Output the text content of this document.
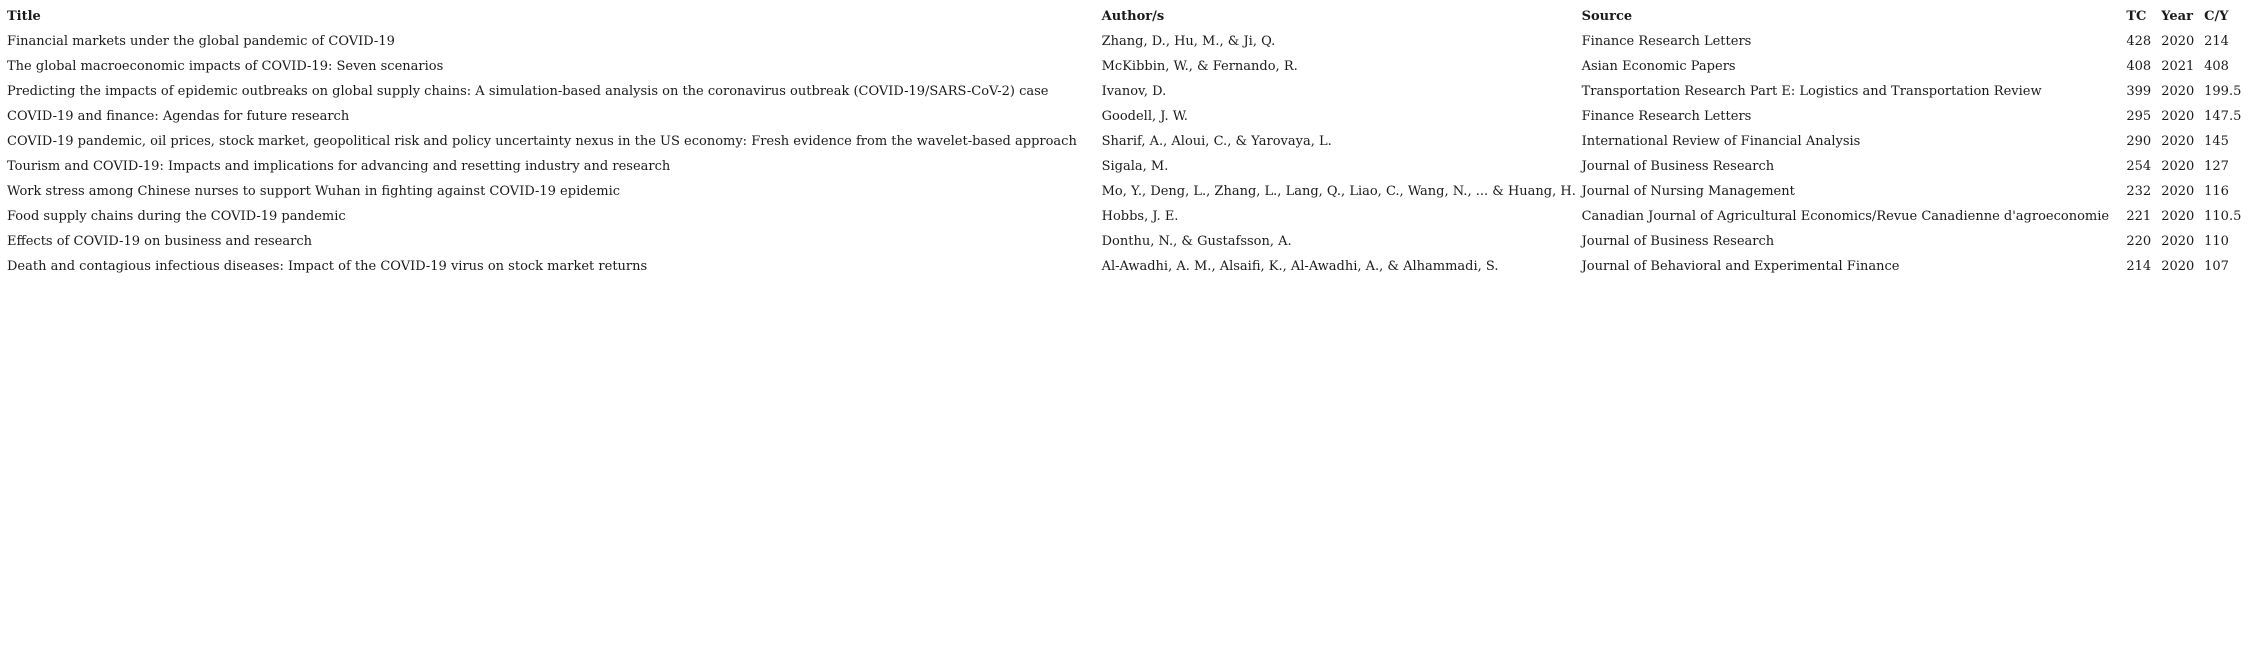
Title	Author/s	Source	TC	Year	C/Y
Financial markets under the global pandemic of COVID-19	Zhang, D., Hu, M., & Ji, Q.	Finance Research Letters	428	2020	214
The global macroeconomic impacts of COVID-19: Seven scenarios	McKibbin, W., & Fernando, R.	Asian Economic Papers	408	2021	408
Predicting the impacts of epidemic outbreaks on global supply chains: A simulation-based analysis on the coronavirus outbreak (COVID-19/SARS-CoV-2) case	Ivanov, D.	Transportation Research Part E: Logistics and Transportation Review	399	2020	199.5
COVID-19 and finance: Agendas for future research	Goodell, J. W.	Finance Research Letters	295	2020	147.5
COVID-19 pandemic, oil prices, stock market, geopolitical risk and policy uncertainty nexus in the US economy: Fresh evidence from the wavelet-based approach	Sharif, A., Aloui, C., & Yarovaya, L.	International Review of Financial Analysis	290	2020	145
Tourism and COVID-19: Impacts and implications for advancing and resetting industry and research	Sigala, M.	Journal of Business Research	254	2020	127
Work stress among Chinese nurses to support Wuhan in fighting against COVID-19 epidemic	Mo, Y., Deng, L., Zhang, L., Lang, Q., Liao, C., Wang, N., ... & Huang, H.	Journal of Nursing Management	232	2020	116
Food supply chains during the COVID-19 pandemic	Hobbs, J. E.	Canadian Journal of Agricultural Economics/Revue Canadienne d'agroeconomie	221	2020	110.5
Effects of COVID-19 on business and research	Donthu, N., & Gustafsson, A.	Journal of Business Research	220	2020	110
Death and contagious infectious diseases: Impact of the COVID-19 virus on stock market returns	Al-Awadhi, A. M., Alsaifi, K., Al-Awadhi, A., & Alhammadi, S.	Journal of Behavioral and Experimental Finance	214	2020	107
